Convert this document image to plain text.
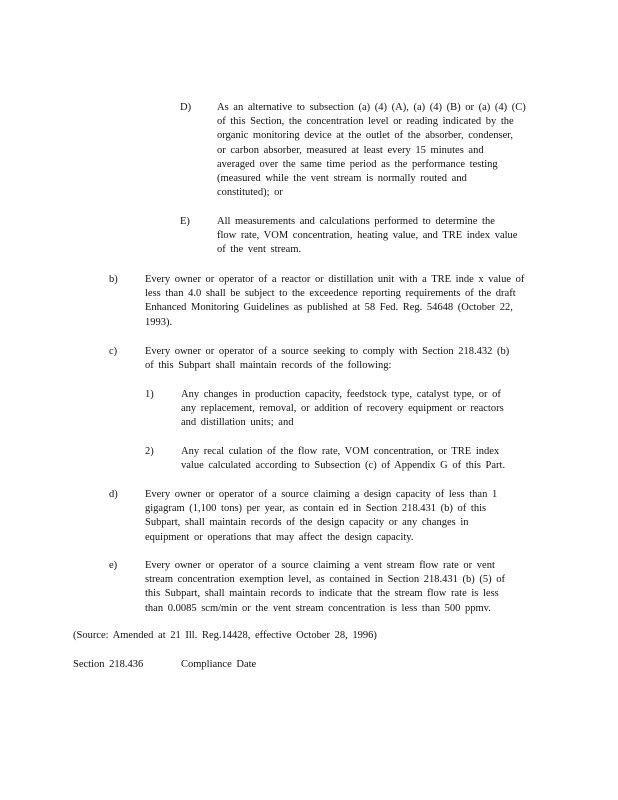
D) As an alternative to subsection (a) (4) (A), (a) (4) (B) or (a) (4) (C)
of this Section, the concentration level or reading indicated by the
organic monitoring device at the outlet of the absorber, condenser,
or carbon absorber, measured at least every 15 minutes and
averaged over the same time period as the performance testing
(measured while the vent stream is normally routed and
constituted); or
E)	All measurements and calculations performed to determine the
flow rate, VOM concentration, heating value, and TRE index value
of the vent stream.
b)	Every owner or operator of a reactor or distillation unit with a TRE inde x value of
less than 4.0 shall be subject to the exceedence reporting requirements of the draft
Enhanced Monitoring Guidelines as published at 58 Fed. Reg. 54648 (October 22,
1993).
c)	Every owner or operator of a source seeking to comply with Section 218.432 (b)
of this Subpart shall maintain records of the following:
1)	Any changes in production capacity, feedstock type, catalyst type, or of
any replacement, removal, or addition of recovery equipment or reactors
and distillation units; and
2)	Any recal culation of the flow rate, VOM concentration, or TRE index
value calculated according to Subsection (c) of Appendix G of this Part.
d)	Every owner or operator of a source claiming a design capacity of less than 1
gigagram (1,100 tons) per year, as contain ed in Section 218.431 (b) of this
Subpart, shall maintain records of the design capacity or any changes in
equipment or operations that may affect the design capacity.
e)	Every owner or operator of a source claiming a vent stream flow rate or vent
stream concentration exemption level, as contained in Section 218.431 (b) (5) of
this Subpart, shall maintain records to indicate that the stream flow rate is less
than 0.0085 scm/min or the vent stream concentration is less than 500 ppmv.
(Source: Amended at 21 Ill. Reg.14428, effective October 28, 1996)
Section 218.436	Compliance Date
